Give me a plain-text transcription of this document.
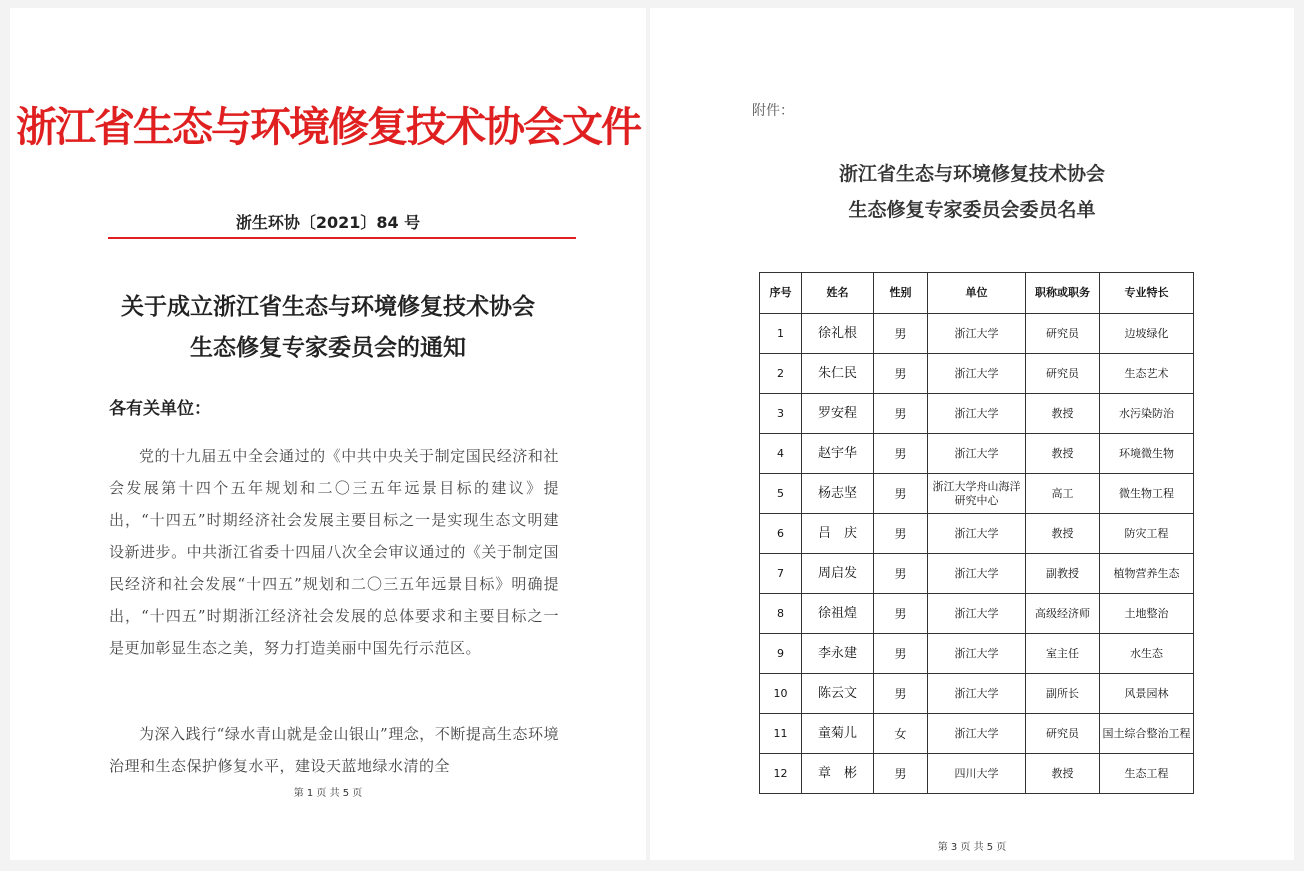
浙江省生态与环境修复技术协会文件
浙生环协〔2021〕84 号
关于成立浙江省生态与环境修复技术协会
生态修复专家委员会的通知
各有关单位：
党的十九届五中全会通过的《中共中央关于制定国民经济和社会发展第十四个五年规划和二〇三五年远景目标的建议》提出，“十四五”时期经济社会发展主要目标之一是实现生态文明建设新进步。中共浙江省委十四届八次全会审议通过的《关于制定国民经济和社会发展“十四五”规划和二〇三五年远景目标》明确提出，“十四五”时期浙江经济社会发展的总体要求和主要目标之一是更加彰显生态之美，努力打造美丽中国先行示范区。
为深入践行“绿水青山就是金山银山”理念，不断提高生态环境治理和生态保护修复水平，建设天蓝地绿水清的全
第 1 页 共 5 页
附件：
浙江省生态与环境修复技术协会
生态修复专家委员会委员名单
序号	姓名	性别	单位	职称或职务	专业特长
1	徐礼根	男	浙江大学	研究员	边坡绿化
2	朱仁民	男	浙江大学	研究员	生态艺术
3	罗安程	男	浙江大学	教授	水污染防治
4	赵宇华	男	浙江大学	教授	环境微生物
5	杨志坚	男	浙江大学舟山海洋研究中心	高工	微生物工程
6	吕　庆	男	浙江大学	教授	防灾工程
7	周启发	男	浙江大学	副教授	植物营养生态
8	徐祖煌	男	浙江大学	高级经济师	土地整治
9	李永建	男	浙江大学	室主任	水生态
10	陈云文	男	浙江大学	副所长	风景园林
11	童菊儿	女	浙江大学	研究员	国土综合整治工程
12	章　彬	男	四川大学	教授	生态工程
第 3 页 共 5 页
